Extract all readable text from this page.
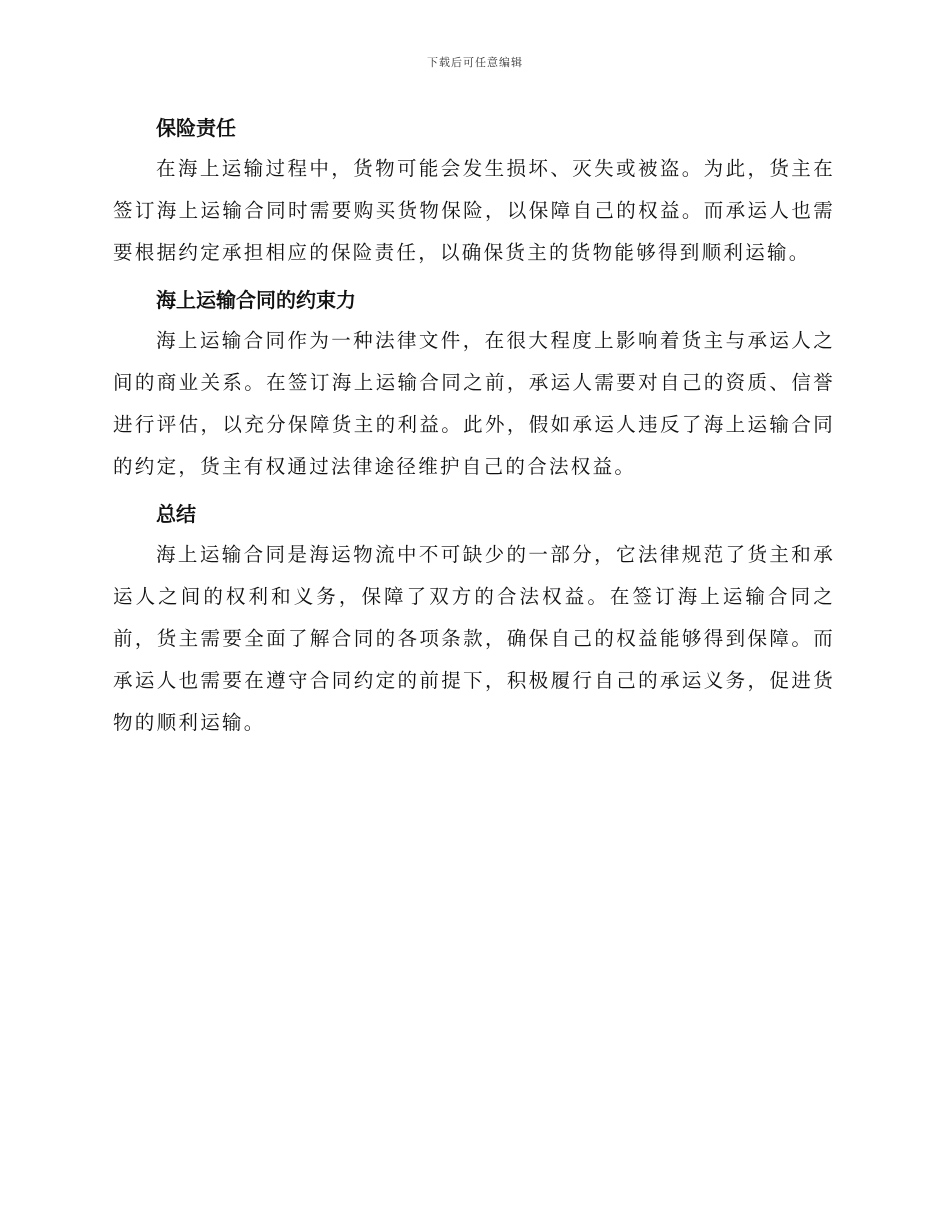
下载后可任意编辑
保险责任

在海上运输过程中，货物可能会发生损坏、灭失或被盗。为此，货主在签订海上运输合同时需要购买货物保险，以保障自己的权益。而承运人也需要根据约定承担相应的保险责任，以确保货主的货物能够得到顺利运输。

海上运输合同的约束力

海上运输合同作为一种法律文件，在很大程度上影响着货主与承运人之间的商业关系。在签订海上运输合同之前，承运人需要对自己的资质、信誉进行评估，以充分保障货主的利益。此外，假如承运人违反了海上运输合同的约定，货主有权通过法律途径维护自己的合法权益。

总结

海上运输合同是海运物流中不可缺少的一部分，它法律规范了货主和承运人之间的权利和义务，保障了双方的合法权益。在签订海上运输合同之前，货主需要全面了解合同的各项条款，确保自己的权益能够得到保障。而承运人也需要在遵守合同约定的前提下，积极履行自己的承运义务，促进货物的顺利运输。
